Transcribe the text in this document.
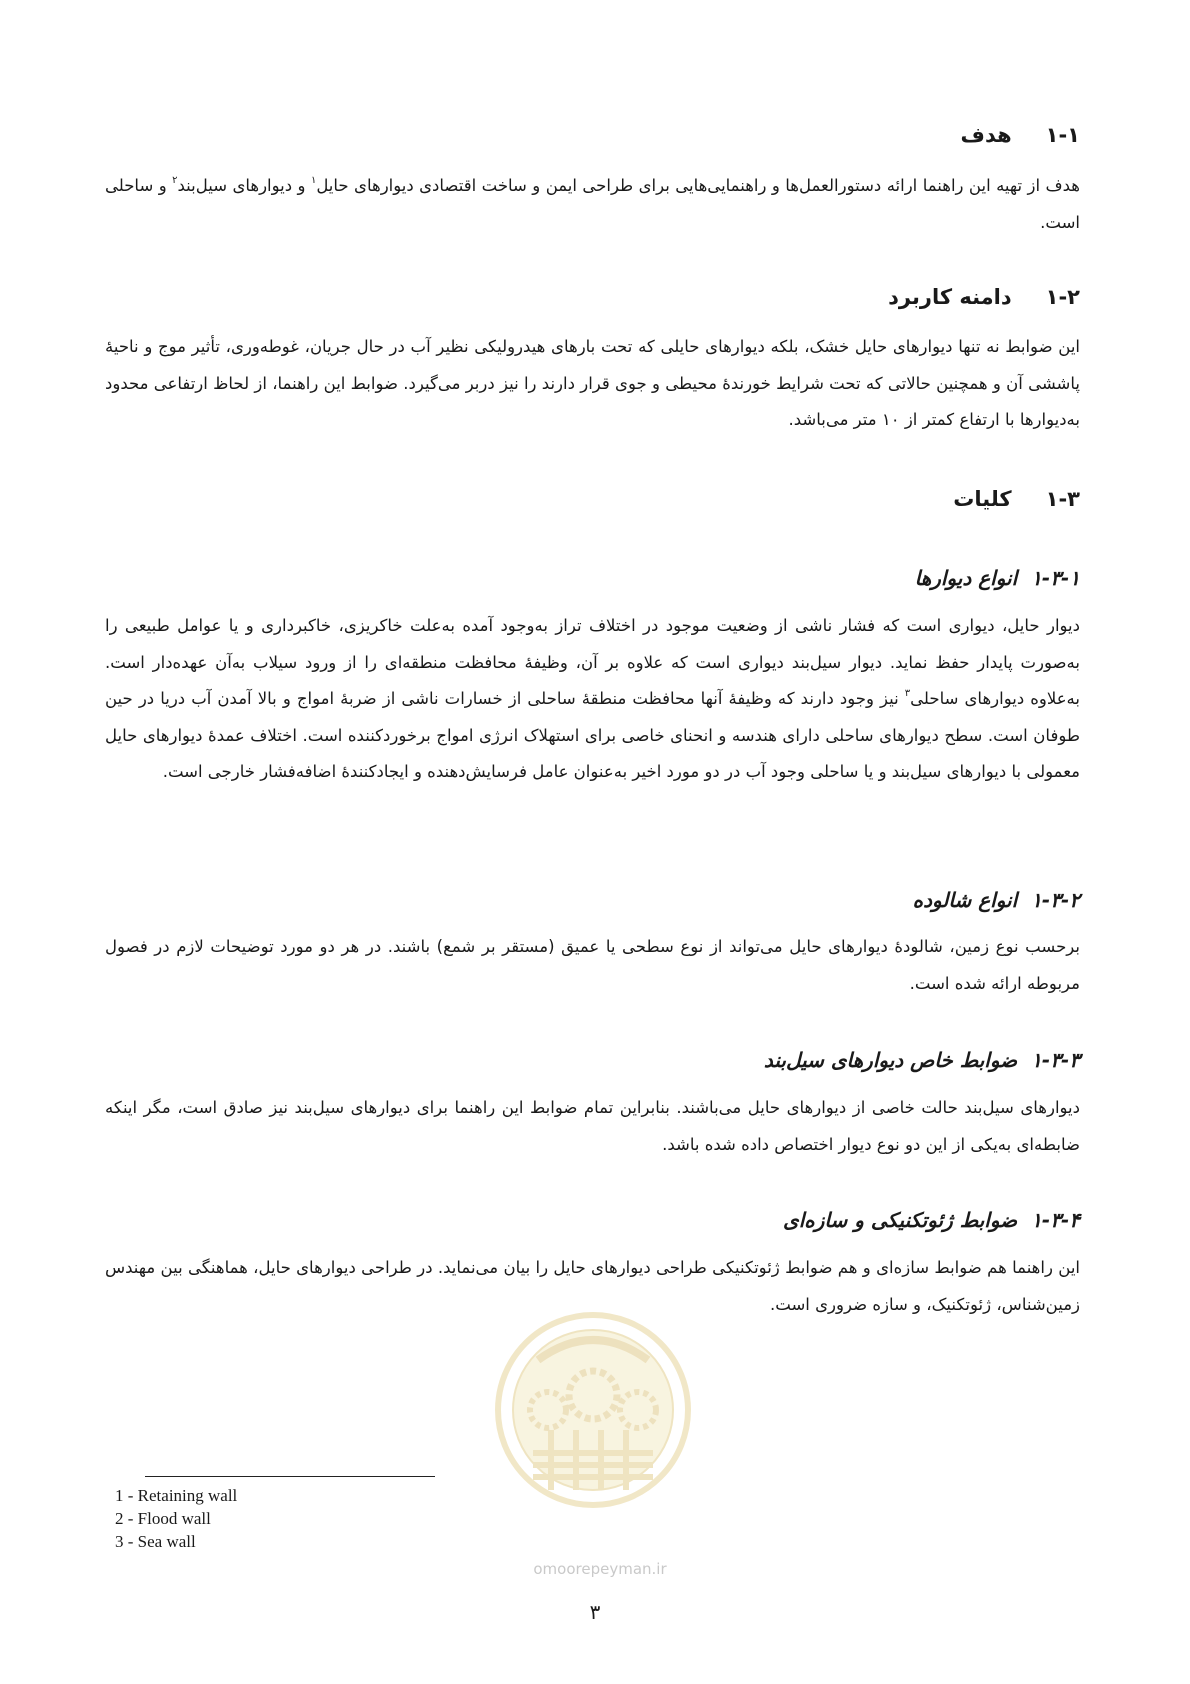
۱-۱هدف
هدف از تهیه این راهنما ارائه دستورالعمل‌ها و راهنمایی‌هایی برای طراحی ایمن و ساخت اقتصادی دیوارهای حایل$^۱$ و دیوارهای سیل‌بند$^۲$ و ساحلی است.
۱-۲دامنه کاربرد
این ضوابط نه تنها دیوارهای حایل خشک، بلکه دیوارهای حایلی که تحت بارهای هیدرولیکی نظیر آب در حال جریان، غوطه‌وری، تأثیر موج و ناحیهٔ پاششی آن و همچنین حالاتی که تحت شرایط خورندهٔ محیطی و جوی قرار دارند را نیز دربر می‌گیرد. ضوابط این راهنما، از لحاظ ارتفاعی محدود به‌دیوارها با ارتفاع کمتر از ۱۰ متر می‌باشد.
۱-۳کلیات
۱-۳-۱انواع دیوارها
دیوار حایل، دیواری است که فشار ناشی از وضعیت موجود در اختلاف تراز به‌وجود آمده به‌علت خاکریزی، خاکبرداری و یا عوامل طبیعی را به‌صورت پایدار حفظ نماید. دیوار سیل‌بند دیواری است که علاوه بر آن، وظیفهٔ محافظت منطقه‌ای را از ورود سیلاب به‌آن عهده‌دار است. به‌علاوه دیوارهای ساحلی$^۳$ نیز وجود دارند که وظیفهٔ آنها محافظت منطقهٔ ساحلی از خسارات ناشی از ضربهٔ امواج و بالا آمدن آب دریا در حین طوفان است. سطح دیوارهای ساحلی دارای هندسه و انحنای خاصی برای استهلاک انرژی امواج برخوردکننده است. اختلاف عمدهٔ دیوارهای حایل معمولی با دیوارهای سیل‌بند و یا ساحلی وجود آب در دو مورد اخیر به‌عنوان عامل فرسایش‌دهنده و ایجادکنندهٔ اضافه‌فشار خارجی است.
۱-۳-۲انواع شالوده
برحسب نوع زمین، شالودهٔ دیوارهای حایل می‌تواند از نوع سطحی یا عمیق (مستقر بر شمع) باشند. در هر دو مورد توضیحات لازم در فصول مربوطه ارائه شده است.
۱-۳-۳ضوابط خاص دیوارهای سیل‌بند
دیوارهای سیل‌بند حالت خاصی از دیوارهای حایل می‌باشند. بنابراین تمام ضوابط این راهنما برای دیوارهای سیل‌بند نیز صادق است، مگر اینکه ضابطه‌ای به‌یکی از این دو نوع دیوار اختصاص داده شده باشد.
۱-۳-۴ضوابط ژئوتکنیکی و سازه‌ای
این راهنما هم ضوابط سازه‌ای و هم ضوابط ژئوتکنیکی طراحی دیوارهای حایل را بیان می‌نماید. در طراحی دیوارهای حایل، هماهنگی بین مهندس زمین‌شناس، ژئوتکنیک، و سازه ضروری است.
omoorepeyman.ir
1 - Retaining wall
2 - Flood wall
3 - Sea wall
۳
